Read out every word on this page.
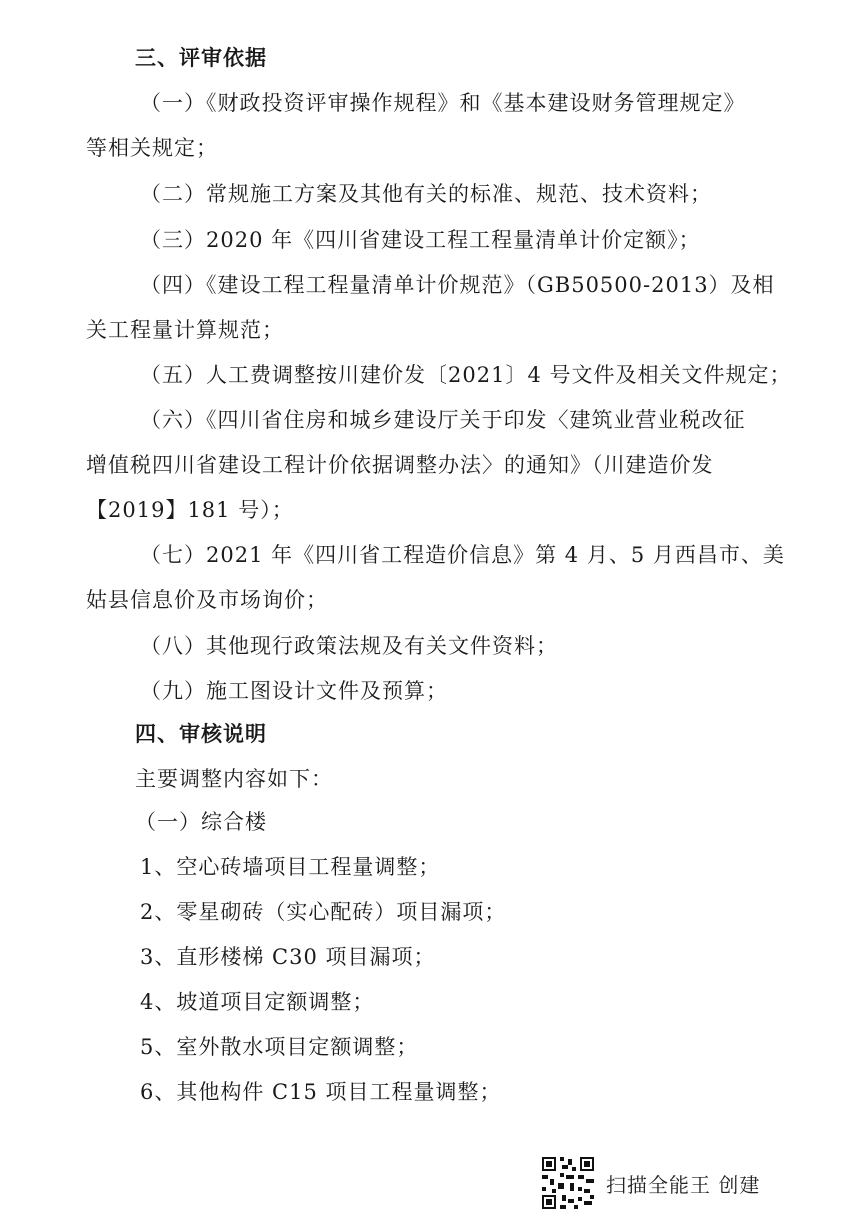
三、评审依据
（一）《财政投资评审操作规程》和《基本建设财务管理规定》
等相关规定；
（二）常规施工方案及其他有关的标准、规范、技术资料；
（三）2020 年《四川省建设工程工程量清单计价定额》；
（四）《建设工程工程量清单计价规范》（GB50500-2013）及相
关工程量计算规范；
（五）人工费调整按川建价发〔2021〕4 号文件及相关文件规定；
（六）《四川省住房和城乡建设厅关于印发〈建筑业营业税改征
增值税四川省建设工程计价依据调整办法〉的通知》（川建造价发
【2019】181 号）；
（七）2021 年《四川省工程造价信息》第 4 月、5 月西昌市、美
姑县信息价及市场询价；
（八）其他现行政策法规及有关文件资料；
（九）施工图设计文件及预算；
四、审核说明
主要调整内容如下：
（一）综合楼
1、空心砖墙项目工程量调整；
2、零星砌砖（实心配砖）项目漏项；
3、直形楼梯 C30 项目漏项；
4、坡道项目定额调整；
5、室外散水项目定额调整；
6、其他构件 C15 项目工程量调整；
扫描全能王 创建
